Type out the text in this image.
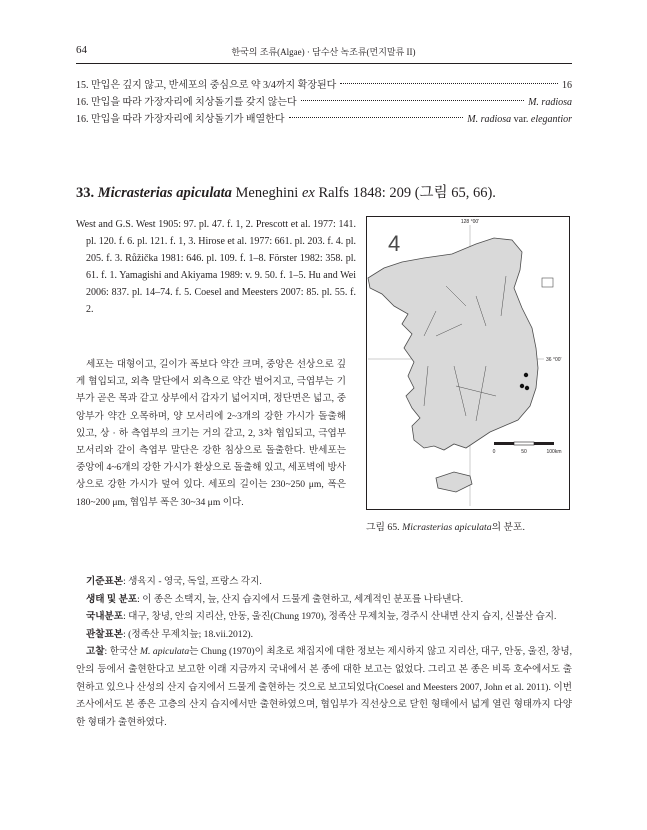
64	한국의 조류(Algae) · 담수산 녹조류(먼지말류 II)
15. 만입은 깊지 않고, 반세포의 중심으로 약 3/4까지 확장된다	16
16. 만입을 따라 가장자리에 치상돌기를 갖지 않는다	M. radiosa
16. 만입을 따라 가장자리에 치상돌기가 배열한다	M. radiosa var. elegantior
33. Micrasterias apiculata Meneghini ex Ralfs 1848: 209 (그림 65, 66).
West and G.S. West 1905: 97. pl. 47. f. 1, 2. Prescott et al. 1977: 141. pl. 120. f. 6. pl. 121. f. 1, 3. Hirose et al. 1977: 661. pl. 203. f. 4. pl. 205. f. 3. Růžička 1981: 646. pl. 109. f. 1–8. Förster 1982: 358. pl. 61. f. 1. Yamagishi and Akiyama 1989: v. 9. 50. f. 1–5. Hu and Wei 2006: 837. pl. 14–74. f. 5. Coesel and Meesters 2007: 85. pl. 55. f. 2.
세포는 대형이고, 길이가 폭보다 약간 크며, 중앙은 선상으로 깊게 협입되고, 외측 말단에서 외측으로 약간 벌어지고, 극엽부는 기부가 곧은 목과 같고 상부에서 갑자기 넓어지며, 정단면은 넓고, 중앙부가 약간 오목하며, 양 모서리에 2~3개의 강한 가시가 돌출해 있고, 상 · 하 측엽부의 크기는 거의 같고, 2, 3차 협입되고, 극엽부 모서리와 같이 측엽부 말단은 강한 침상으로 돌출한다. 반세포는 중앙에 4~6개의 강한 가시가 환상으로 돌출해 있고, 세포벽에 방사상으로 강한 가시가 덮여 있다. 세포의 길이는 230~250 μm, 폭은 180~200 μm, 협입부 폭은 30~34 μm 이다.
128 °00'
36 °00'
4
0	50	100km
그림 65. Micrasterias apiculata의 분포.

기준표본: 생육지 - 영국, 독일, 프랑스 각지.

생태 및 분포: 이 종은 소택지, 늪, 산지 습지에서 드물게 출현하고, 세계적인 분포를 나타낸다.

국내분포: 대구, 창녕, 안의 지리산, 안동, 울진(Chung 1970), 정족산 무제치늪, 경주시 산내면 산지 습지, 신불산 습지.

관찰표본: (정족산 무제치늪; 18.vii.2012).

고찰: 한국산 M. apiculata는 Chung (1970)이 최초로 채집지에 대한 정보는 제시하지 않고 지리산, 대구, 안동, 울진, 창녕, 안의 등에서 출현한다고 보고한 이래 지금까지 국내에서 본 종에 대한 보고는 없었다. 그리고 본 종은 비록 호수에서도 출현하고 있으나 산성의 산지 습지에서 드물게 출현하는 것으로 보고되었다(Coesel and Meesters 2007, John et al. 2011). 이번 조사에서도 본 종은 고층의 산지 습지에서만 출현하였으며, 협입부가 직선상으로 닫힌 형태에서 넓게 열린 형태까지 다양한 형태가 출현하였다.
